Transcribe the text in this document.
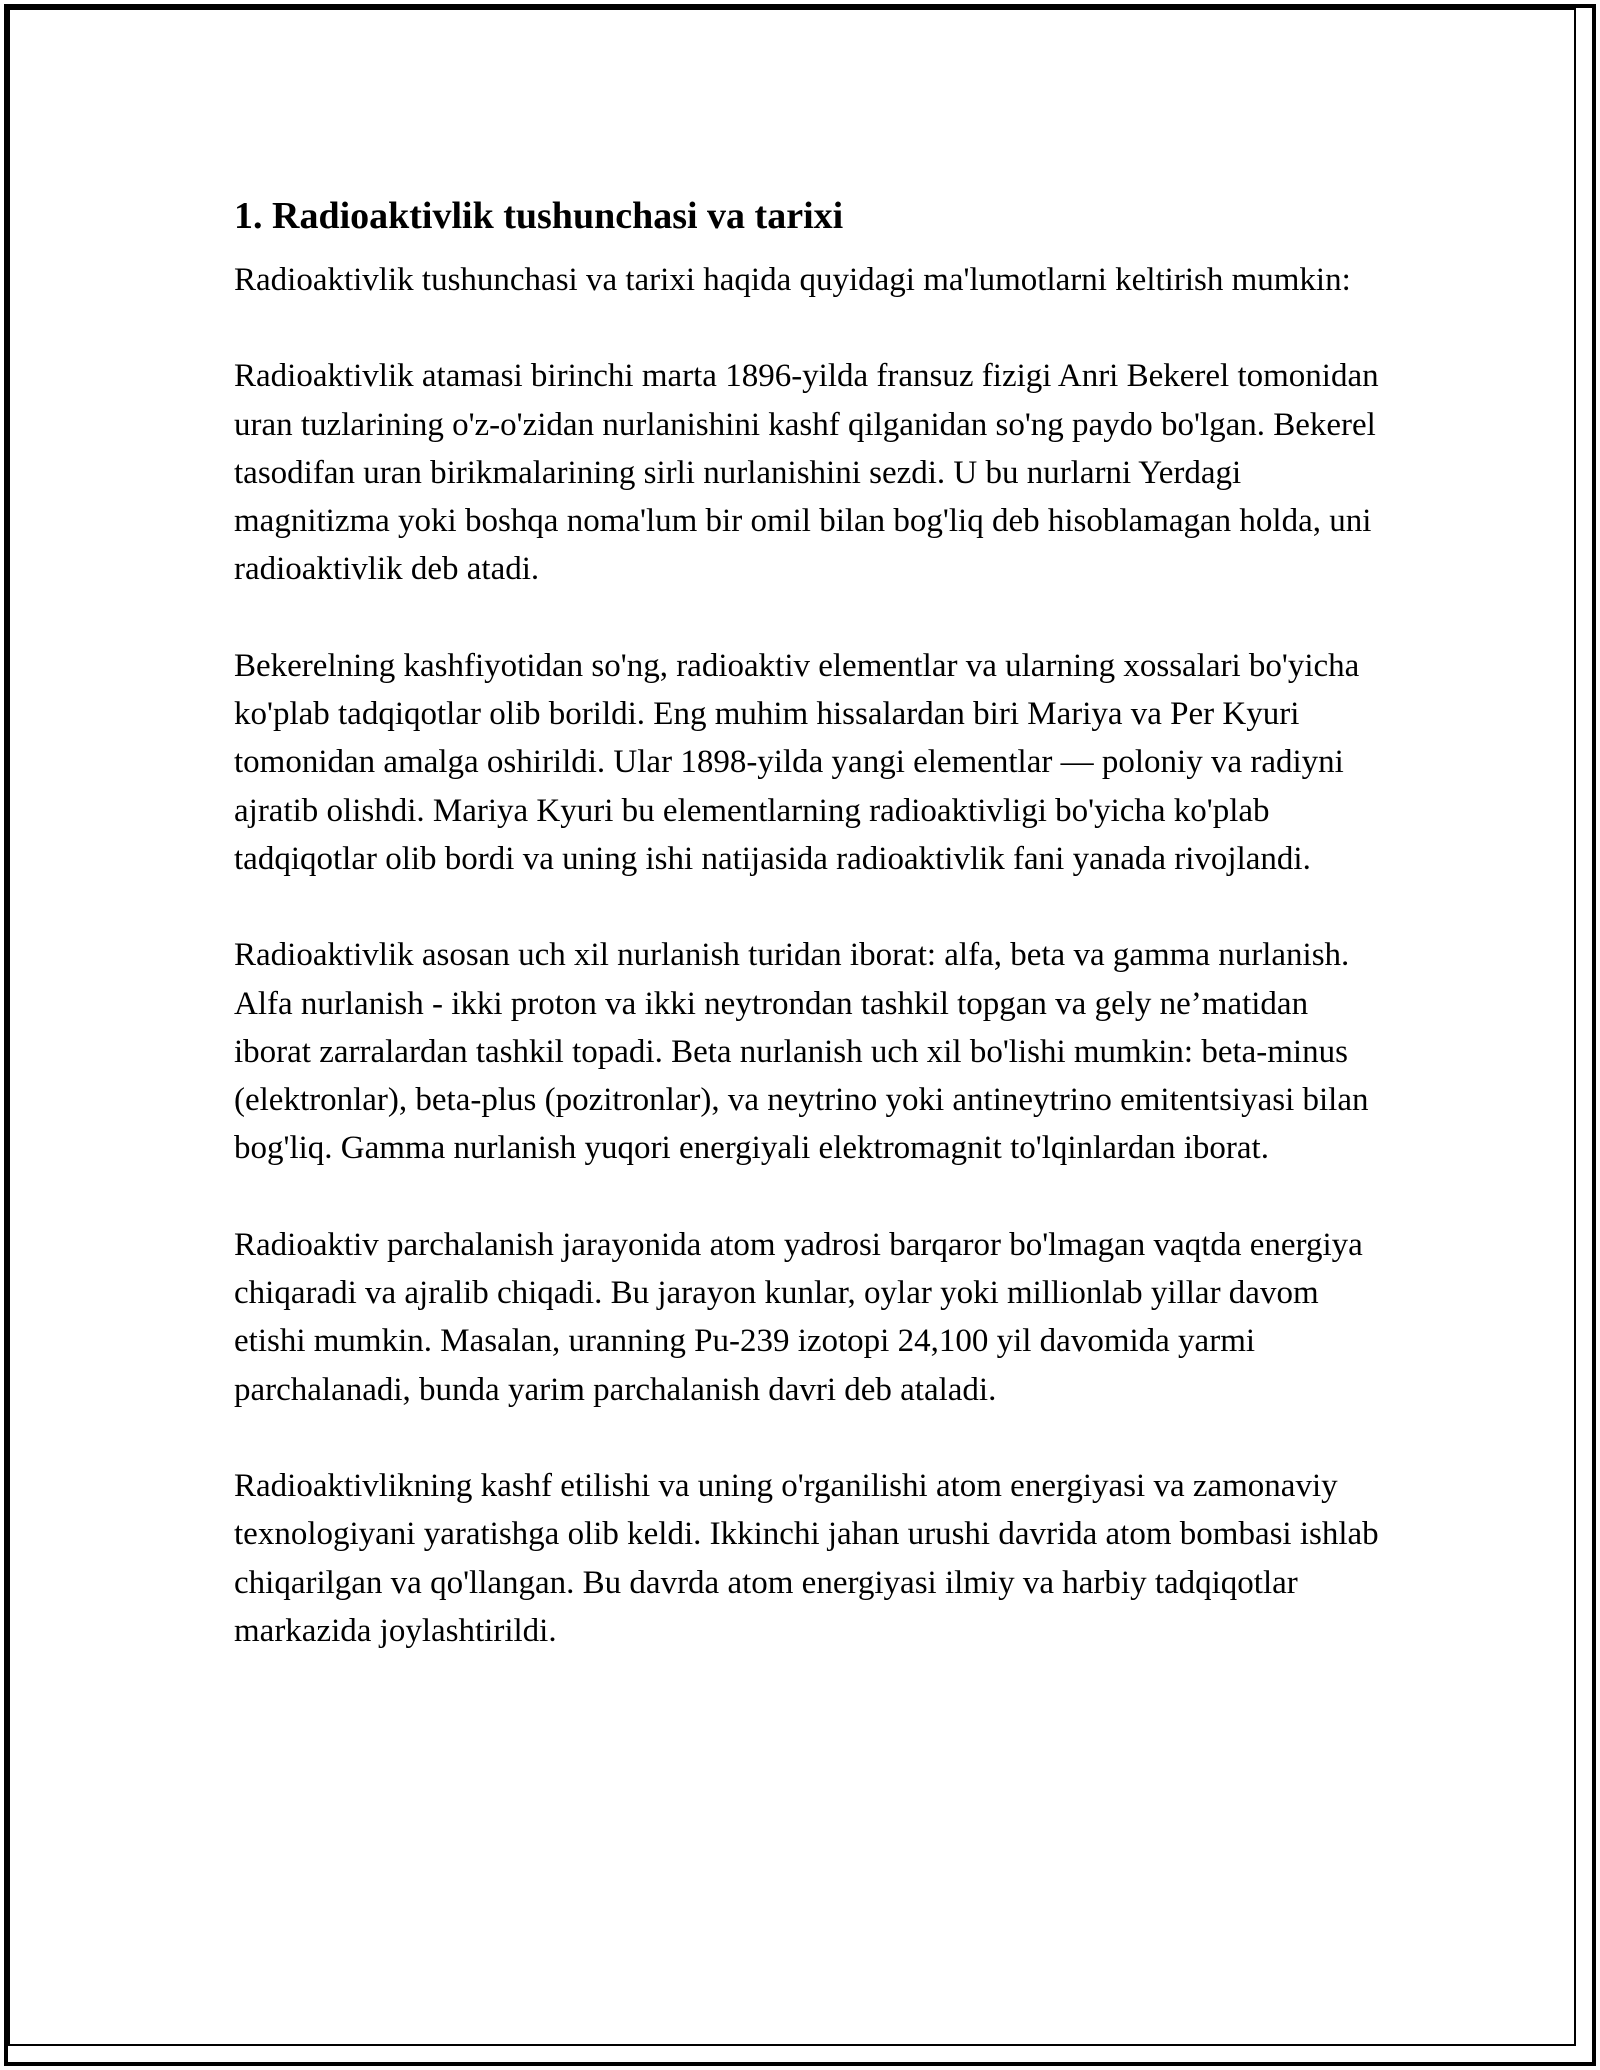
1. Radioaktivlik tushunchasi va tarixi

Radioaktivlik tushunchasi va tarixi haqida quyidagi ma'lumotlarni keltirish mumkin:

Radioaktivlik atamasi birinchi marta 1896-yilda fransuz fizigi Anri Bekerel tomonidan uran tuzlarining o'z-o'zidan nurlanishini kashf qilganidan so'ng paydo bo'lgan. Bekerel tasodifan uran birikmalarining sirli nurlanishini sezdi. U bu nurlarni Yerdagi magnitizma yoki boshqa noma'lum bir omil bilan bog'liq deb hisoblamagan holda, uni radioaktivlik deb atadi.

Bekerelning kashfiyotidan so'ng, radioaktiv elementlar va ularning xossalari bo'yicha ko'plab tadqiqotlar olib borildi. Eng muhim hissalardan biri Mariya va Per Kyuri tomonidan amalga oshirildi. Ular 1898-yilda yangi elementlar — poloniy va radiyni ajratib olishdi. Mariya Kyuri bu elementlarning radioaktivligi bo'yicha ko'plab tadqiqotlar olib bordi va uning ishi natijasida radioaktivlik fani yanada rivojlandi.

Radioaktivlik asosan uch xil nurlanish turidan iborat: alfa, beta va gamma nurlanish. Alfa nurlanish - ikki proton va ikki neytrondan tashkil topgan va gely ne’matidan iborat zarralardan tashkil topadi. Beta nurlanish uch xil bo'lishi mumkin: beta-minus (elektronlar), beta-plus (pozitronlar), va neytrino yoki antineytrino emitentsiyasi bilan bog'liq. Gamma nurlanish yuqori energiyali elektromagnit to'lqinlardan iborat.

Radioaktiv parchalanish jarayonida atom yadrosi barqaror bo'lmagan vaqtda energiya chiqaradi va ajralib chiqadi. Bu jarayon kunlar, oylar yoki millionlab yillar davom etishi mumkin. Masalan, uranning Pu-239 izotopi 24,100 yil davomida yarmi parchalanadi, bunda yarim parchalanish davri deb ataladi.

Radioaktivlikning kashf etilishi va uning o'rganilishi atom energiyasi va zamonaviy texnologiyani yaratishga olib keldi. Ikkinchi jahan urushi davrida atom bombasi ishlab chiqarilgan va qo'llangan. Bu davrda atom energiyasi ilmiy va harbiy tadqiqotlar markazida joylashtirildi.
